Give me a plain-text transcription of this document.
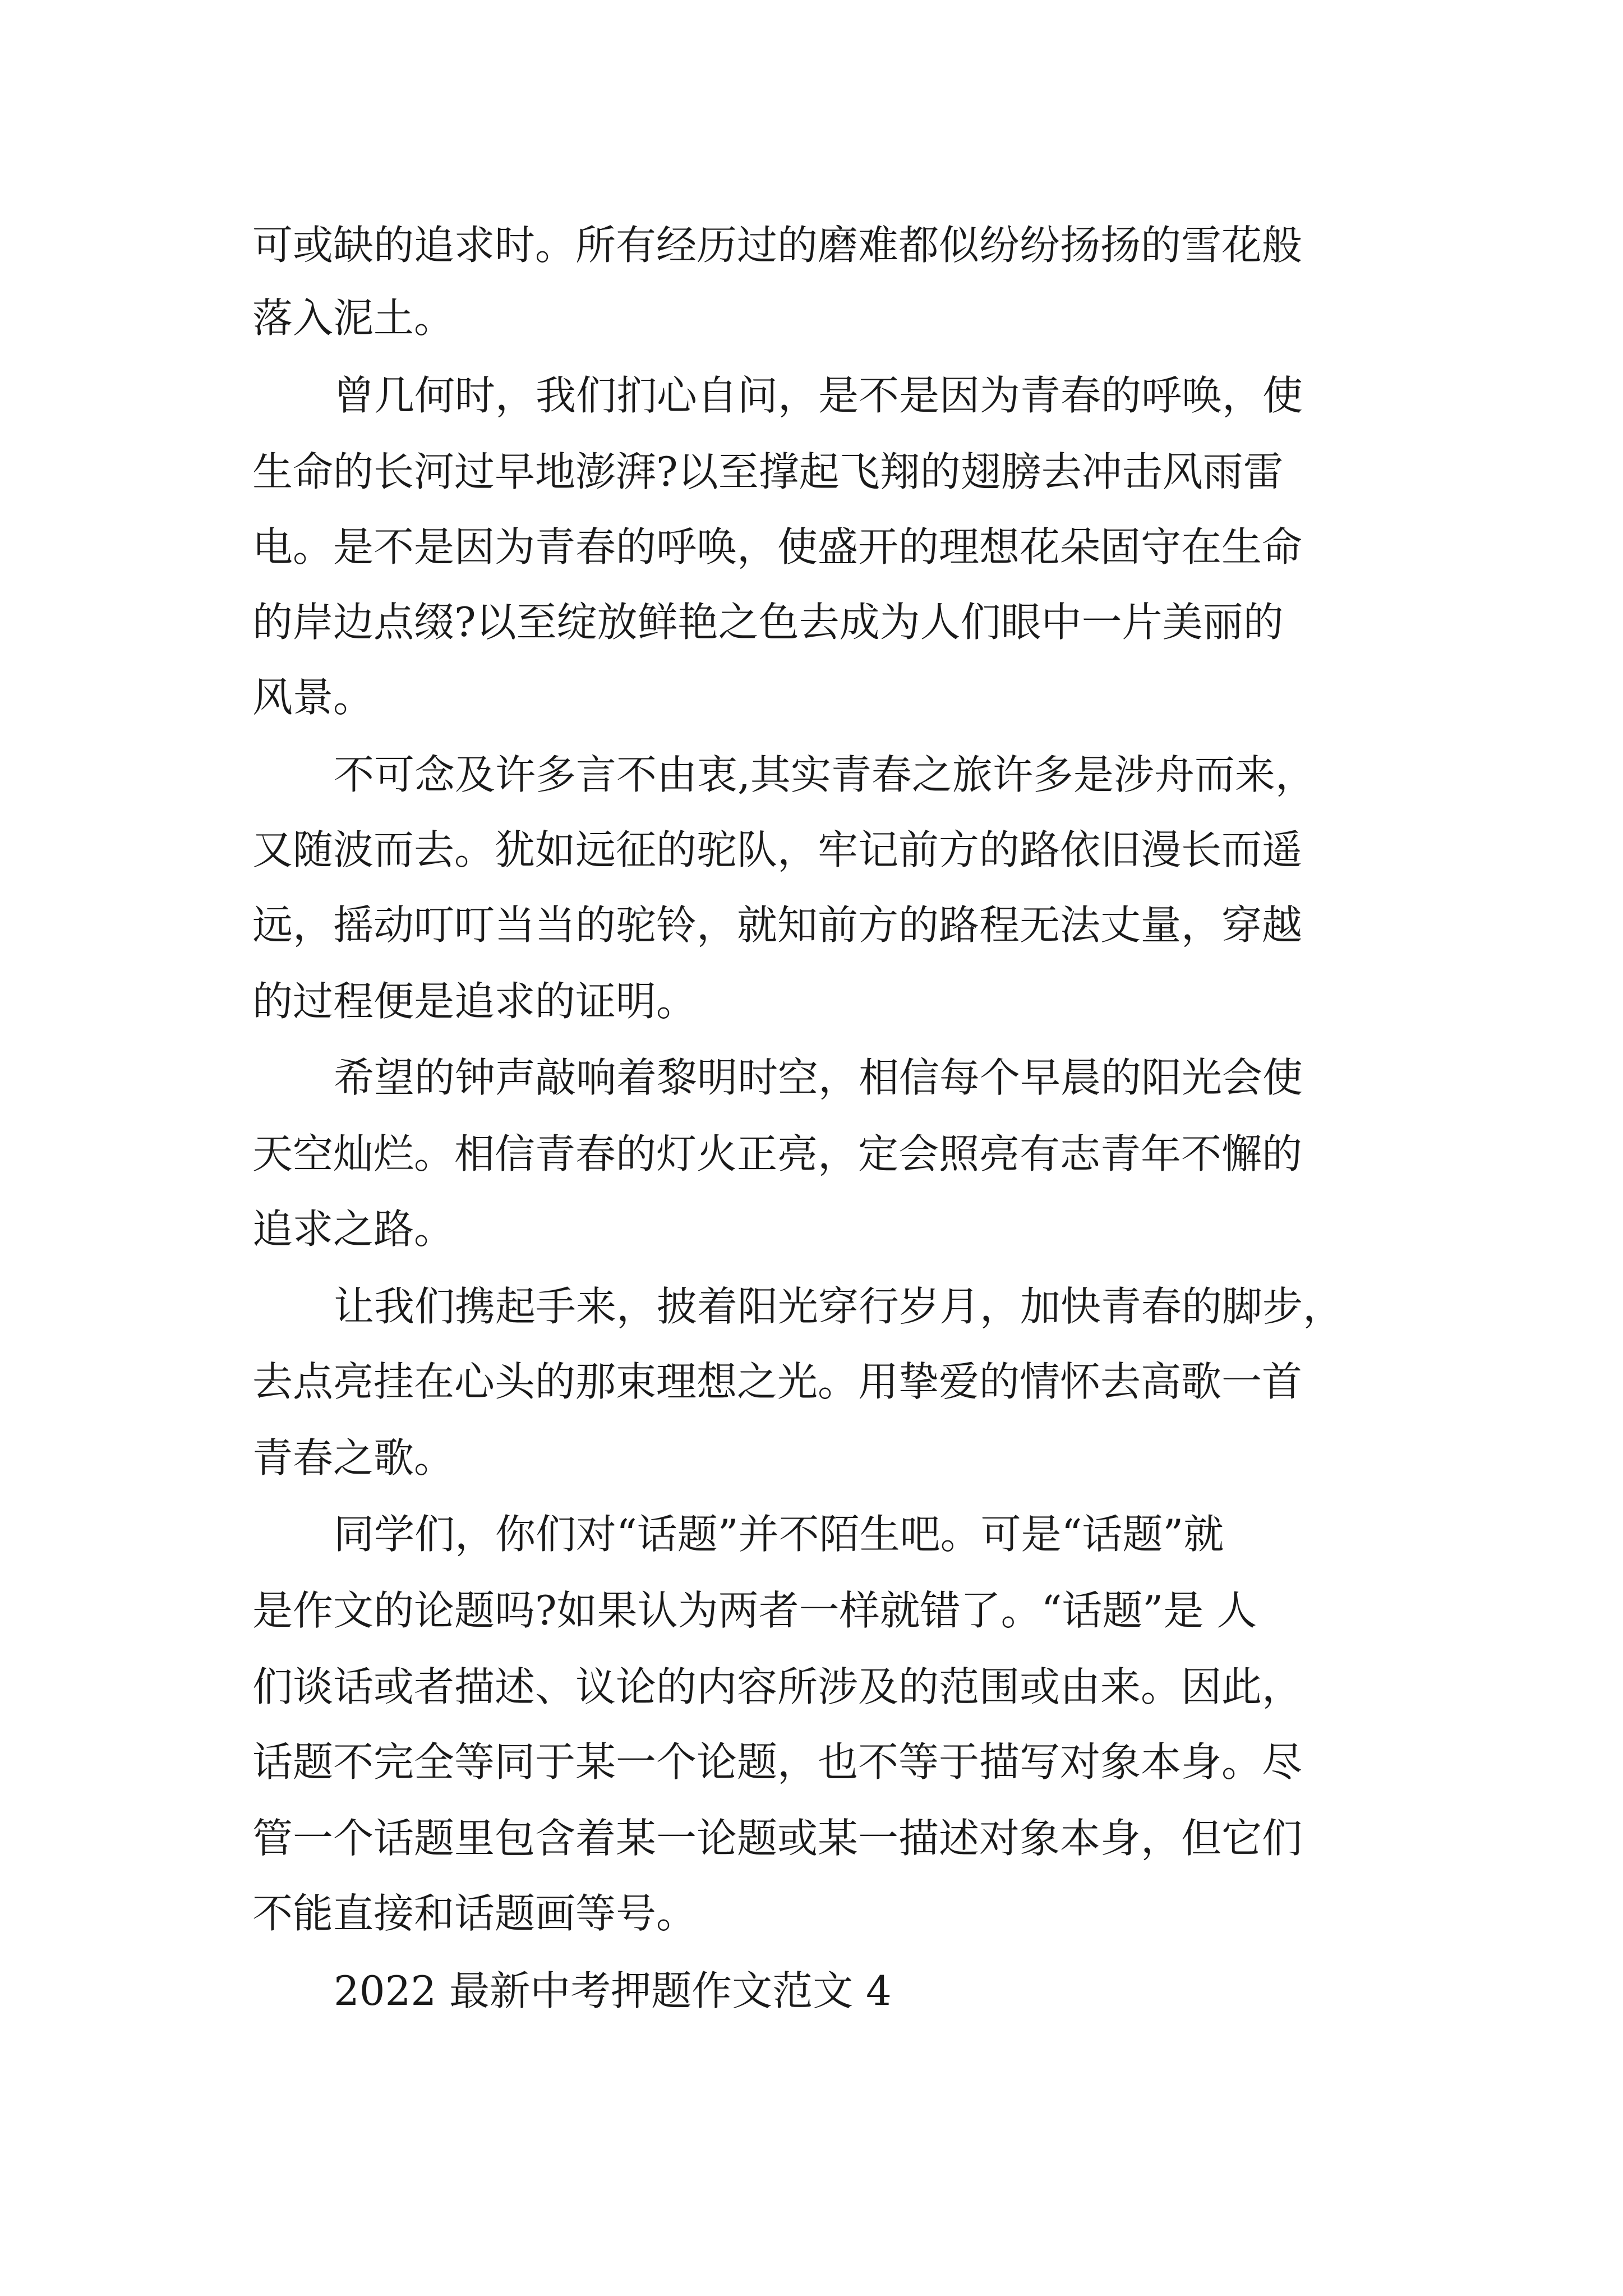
可或缺的追求时。所有经历过的磨难都似纷纷扬扬的雪花般
落入泥土。
曾几何时，我们扪心自问，是不是因为青春的呼唤，使
生命的长河过早地澎湃?以至撑起飞翔的翅膀去冲击风雨雷
电。是不是因为青春的呼唤，使盛开的理想花朵固守在生命
的岸边点缀?以至绽放鲜艳之色去成为人们眼中一片美丽的
风景。
不可念及许多言不由衷,其实青春之旅许多是涉舟而来，
又随波而去。犹如远征的驼队，牢记前方的路依旧漫长而遥
远，摇动叮叮当当的驼铃，就知前方的路程无法丈量，穿越
的过程便是追求的证明。
希望的钟声敲响着黎明时空，相信每个早晨的阳光会使
天空灿烂。相信青春的灯火正亮，定会照亮有志青年不懈的
追求之路。
让我们携起手来，披着阳光穿行岁月，加快青春的脚步，
去点亮挂在心头的那束理想之光。用挚爱的情怀去高歌一首
青春之歌。
同学们，你们对“话题”并不陌生吧。可是“话题”就
是作文的论题吗?如果认为两者一样就错了。“话题”是 人
们谈话或者描述、议论的内容所涉及的范围或由来。因此，
话题不完全等同于某一个论题，也不等于描写对象本身。尽
管一个话题里包含着某一论题或某一描述对象本身，但它们
不能直接和话题画等号。
2022 最新中考押题作文范文 4
